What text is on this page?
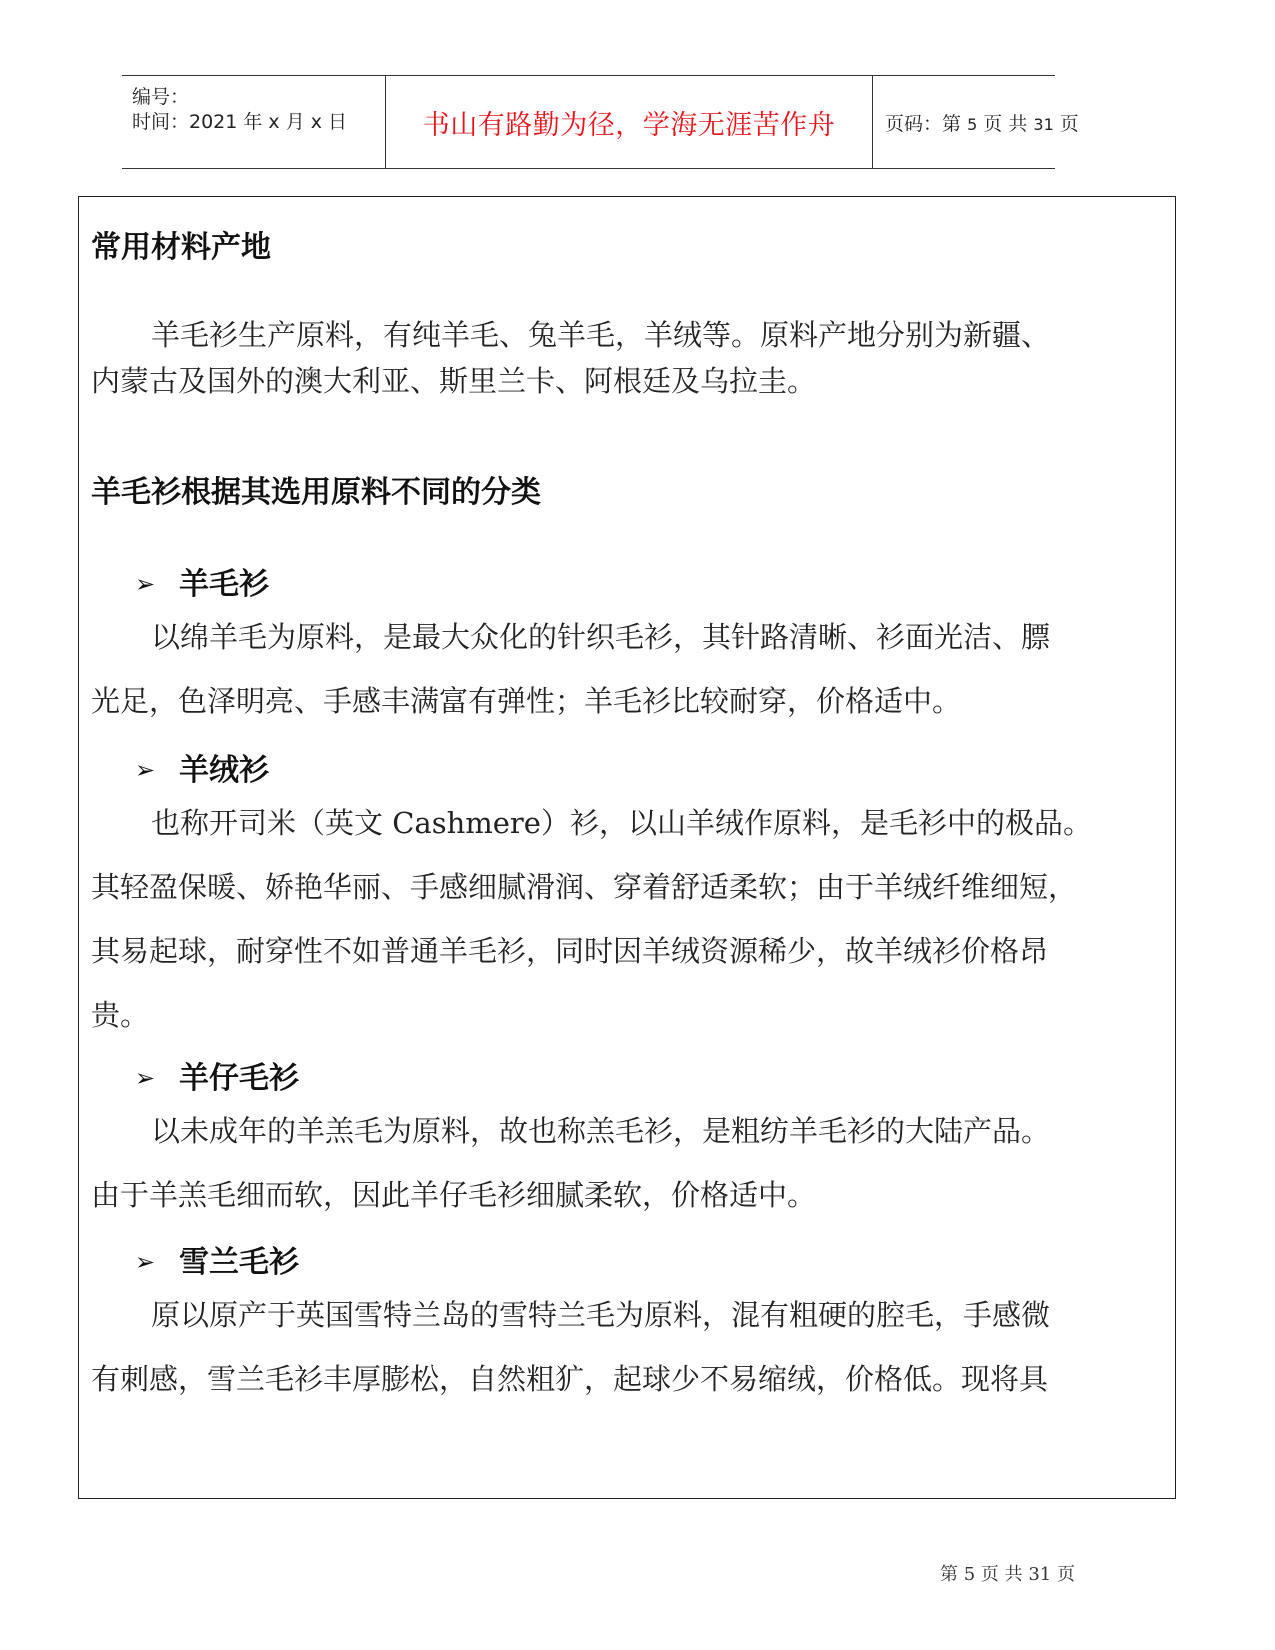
编号：
时间：2021 年 x 月 x 日	书山有路勤为径，学海无涯苦作舟	页码：第 5 页 共 31 页
常用材料产地
羊毛衫生产原料，有纯羊毛、兔羊毛，羊绒等。原料产地分别为新疆、
内蒙古及国外的澳大利亚、斯里兰卡、阿根廷及乌拉圭。
羊毛衫根据其选用原料不同的分类
➢ 羊毛衫
以绵羊毛为原料，是最大众化的针织毛衫，其针路清晰、衫面光洁、膘
光足，色泽明亮、手感丰满富有弹性；羊毛衫比较耐穿，价格适中。
➢ 羊绒衫
也称开司米（英文 Cashmere）衫，以山羊绒作原料，是毛衫中的极品。
其轻盈保暖、娇艳华丽、手感细腻滑润、穿着舒适柔软；由于羊绒纤维细短，
其易起球，耐穿性不如普通羊毛衫，同时因羊绒资源稀少，故羊绒衫价格昂
贵。
➢ 羊仔毛衫
以未成年的羊羔毛为原料，故也称羔毛衫，是粗纺羊毛衫的大陆产品。
由于羊羔毛细而软，因此羊仔毛衫细腻柔软，价格适中。
➢ 雪兰毛衫
原以原产于英国雪特兰岛的雪特兰毛为原料，混有粗硬的腔毛，手感微
有刺感，雪兰毛衫丰厚膨松，自然粗犷，起球少不易缩绒，价格低。现将具
第 5 页 共 31 页
